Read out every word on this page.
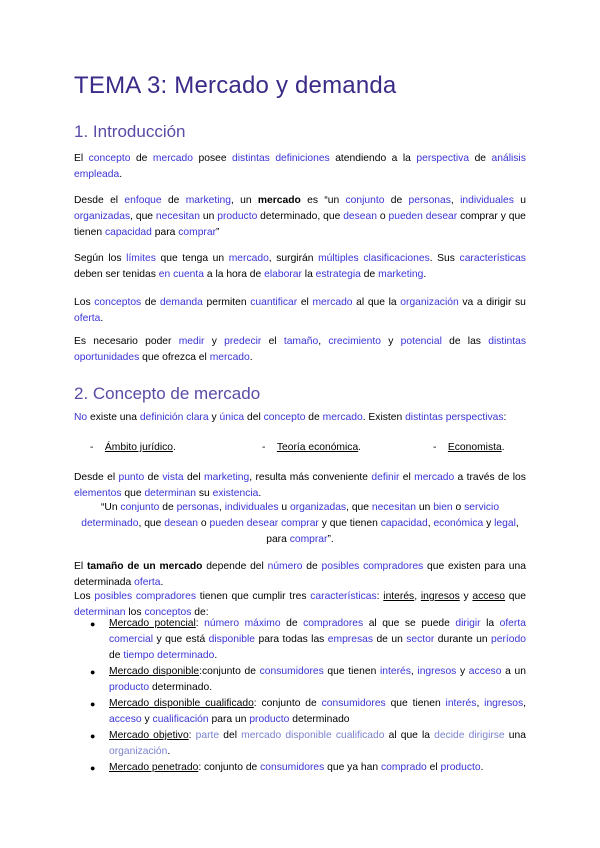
TEMA 3: Mercado y demanda
1. Introducción

El concepto de mercado posee distintas definiciones atendiendo a la perspectiva de análisis empleada.

Desde el enfoque de marketing, un mercado es “un conjunto de personas, individuales u organizadas, que necesitan un producto determinado, que desean o pueden desear comprar y que tienen capacidad para comprar”

Según los límites que tenga un mercado, surgirán múltiples clasificaciones. Sus características deben ser tenidas en cuenta a la hora de elaborar la estrategia de marketing.

Los conceptos de demanda permiten cuantificar el mercado al que la organización va a dirigir su oferta.

Es necesario poder medir y predecir el tamaño, crecimiento y potencial de las distintas oportunidades que ofrezca el mercado.

2. Concepto de mercado

No existe una definición clara y única del concepto de mercado. Existen distintas perspectivas:

- Ámbito jurídico.	- Teoría económica.	- Economista.

Desde el punto de vista del marketing, resulta más conveniente definir el mercado a través de los elementos que determinan su existencia.

“Un conjunto de personas, individuales u organizadas, que necesitan un bien o servicio determinado, que desean o pueden desear comprar y que tienen capacidad, económica y legal, para comprar”.

El tamaño de un mercado depende del número de posibles compradores que existen para una determinada oferta.

Los posibles compradores tienen que cumplir tres características: interés, ingresos y acceso que determinan los conceptos de:

● Mercado potencial: número máximo de compradores al que se puede dirigir la oferta comercial y que está disponible para todas las empresas de un sector durante un período de tiempo determinado.
● Mercado disponible:conjunto de consumidores que tienen interés, ingresos y acceso a un producto determinado.
● Mercado disponible cualificado: conjunto de consumidores que tienen interés, ingresos, acceso y cualificación para un producto determinado
● Mercado objetivo: parte del mercado disponible cualificado al que la decide dirigirse una organización.
● Mercado penetrado: conjunto de consumidores que ya han comprado el producto.
